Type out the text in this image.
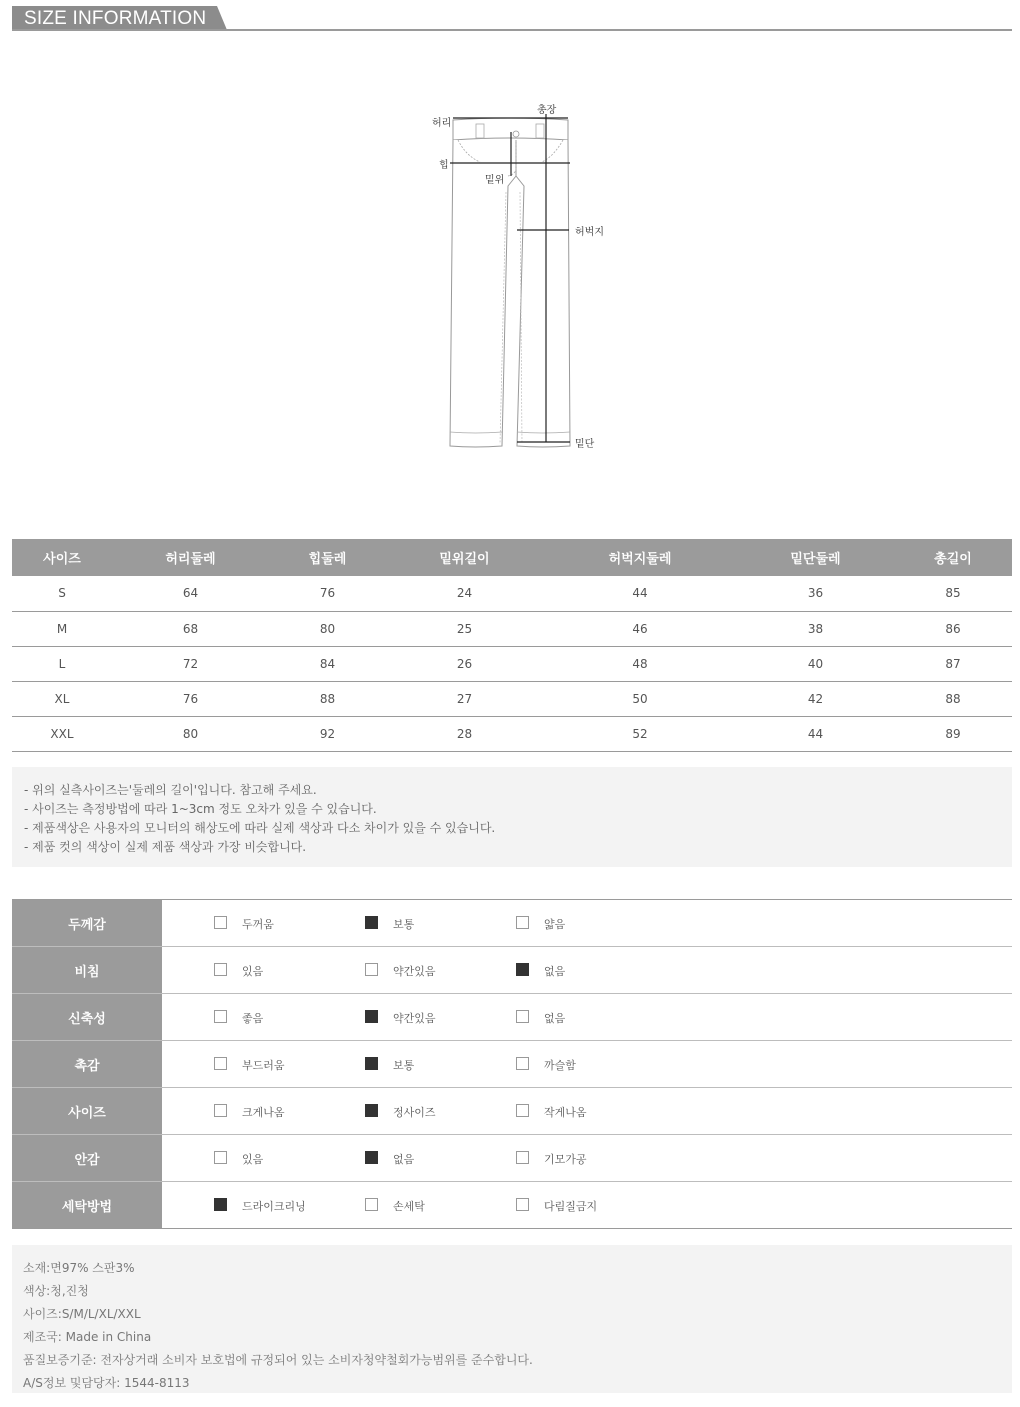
SIZE INFORMATION
총장
허리
힙
밑위
허벅지
밑단
사이즈	허리둘레	힙둘레	밑위길이	허벅지둘레	밑단둘레	총길이
S	64	76	24	44	36	85
M	68	80	25	46	38	86
L	72	84	26	48	40	87
XL	76	88	27	50	42	88
XXL	80	92	28	52	44	89

- 위의 실측사이즈는'둘레의 길이'입니다. 참고해 주세요.

- 사이즈는 측정방법에 따라 1~3cm 정도 오차가 있을 수 있습니다.

- 제품색상은 사용자의 모니터의 해상도에 따라 실제 색상과 다소 차이가 있을 수 있습니다.

- 제품 컷의 색상이 실제 제품 색상과 가장 비슷합니다.

두께감	두꺼움	보통	얇음

비침	있음	약간있음	없음

신축성	좋음	약간있음	없음

촉감	부드러움	보통	까슬함

사이즈	크게나옴	정사이즈	작게나옴

안감	있음	없음	기모가공

세탁방법	드라이크리닝	손세탁	다림질금지

소재:면97% 스판3%

색상:청,진청

사이즈:S/M/L/XL/XXL

제조국: Made in China

품질보증기준: 전자상거래 소비자 보호법에 규정되어 있는 소비자청약철회가능범위를 준수합니다.

A/S정보 및담당자: 1544-8113
